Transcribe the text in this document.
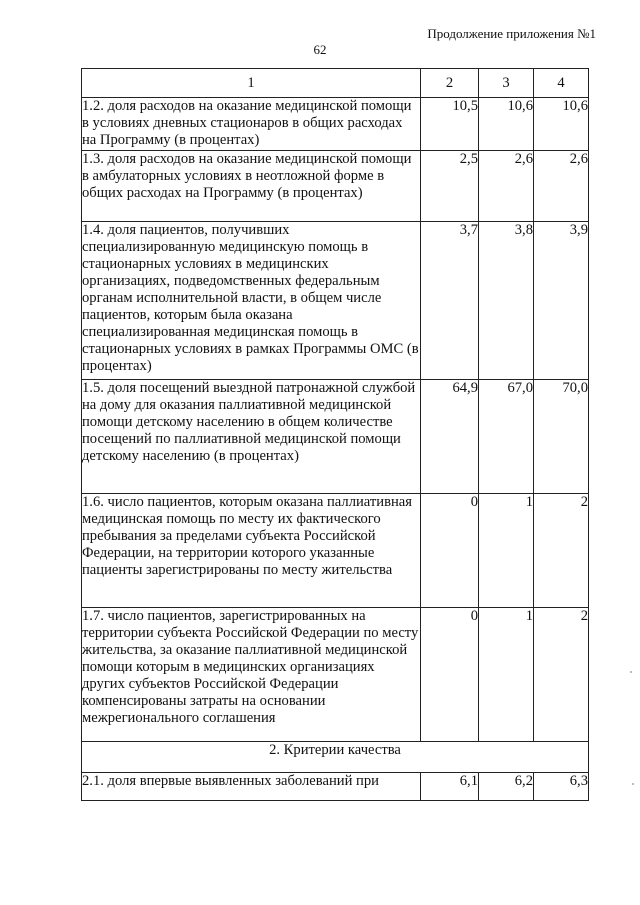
Продолжение приложения №1
62
1	2	3	4
1.2. доля расходов на оказание медицинской помощи в условиях дневных стационаров в общих расходах на Программу (в процентах)	10,5	10,6	10,6
1.3. доля расходов на оказание медицинской помощи в амбулаторных условиях в неотложной форме в общих расходах на Программу (в процентах)	2,5	2,6	2,6
1.4. доля пациентов, получивших специализированную медицинскую помощь в стационарных условиях в медицинских организациях, подведомственных федеральным органам исполнительной власти, в общем числе пациентов, которым была оказана специализированная медицинская помощь в стационарных условиях в рамках Программы ОМС (в процентах)	3,7	3,8	3,9
1.5. доля посещений выездной патронажной службой на дому для оказания паллиативной медицинской помощи детскому населению в общем количестве посещений по паллиативной медицинской помощи детскому населению (в процентах)	64,9	67,0	70,0
1.6. число пациентов, которым оказана паллиативная медицинская помощь по месту их фактического пребывания за пределами субъекта Российской Федерации, на территории которого указанные пациенты зарегистрированы по месту жительства	0	1	2
1.7. число пациентов, зарегистрированных на территории субъекта Российской Федерации по месту жительства, за оказание паллиативной медицинской помощи которым в медицинских организациях других субъектов Российской Федерации компенсированы затраты на основании межрегионального соглашения	0	1	2
2. Критерии качества			
2.1. доля впервые выявленных заболеваний при	6,1	6,2	6,3
